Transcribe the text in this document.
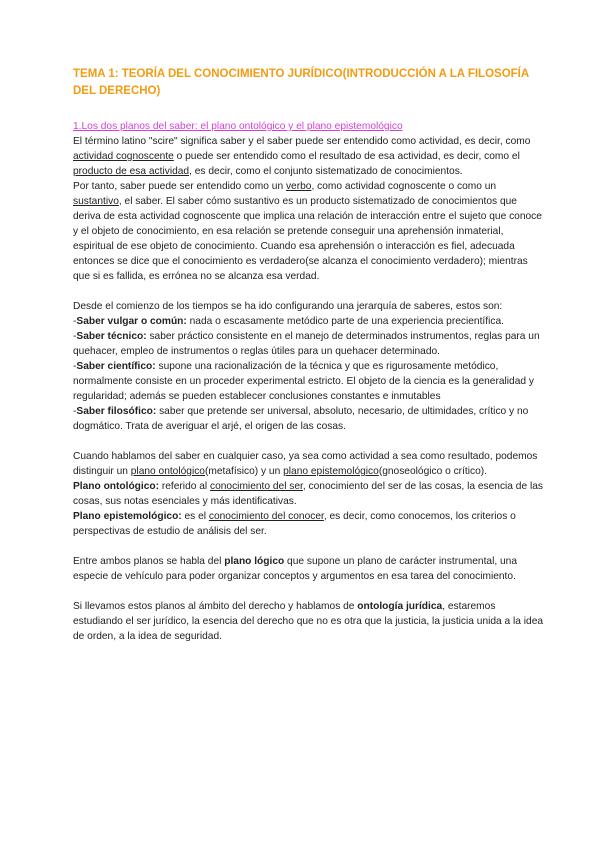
TEMA 1: TEORÍA DEL CONOCIMIENTO JURÍDICO(INTRODUCCIÓN A LA FILOSOFÍA DEL DERECHO)
1.Los dos planos del saber: el plano ontológico y el plano epistemológico

El término latino "scire" significa saber y el saber puede ser entendido como actividad, es decir, como actividad cognoscente o puede ser entendido como el resultado de esa actividad, es decir, como el producto de esa actividad, es decir, como el conjunto sistematizado de conocimientos.

Por tanto, saber puede ser entendido como un verbo, como actividad cognoscente o como un sustantivo, el saber. El saber cómo sustantivo es un producto sistematizado de conocimientos que deriva de esta actividad cognoscente que implica una relación de interacción entre el sujeto que conoce y el objeto de conocimiento, en esa relación se pretende conseguir una aprehensión inmaterial, espiritual de ese objeto de conocimiento. Cuando esa aprehensión o interacción es fiel, adecuada entonces se dice que el conocimiento es verdadero(se alcanza el conocimiento verdadero); mientras que si es fallida, es errónea no se alcanza esa verdad.

Desde el comienzo de los tiempos se ha ido configurando una jerarquía de saberes, estos son:

-Saber vulgar o común: nada o escasamente metódico parte de una experiencia precientífica.

-Saber técnico: saber práctico consistente en el manejo de determinados instrumentos, reglas para un quehacer, empleo de instrumentos o reglas útiles para un quehacer determinado.

-Saber científico: supone una racionalización de la técnica y que es rigurosamente metódico, normalmente consiste en un proceder experimental estricto. El objeto de la ciencia es la generalidad y regularidad; además se pueden establecer conclusiones constantes e inmutables

-Saber filosófico: saber que pretende ser universal, absoluto, necesario, de ultimidades, crítico y no dogmático. Trata de averiguar el arjé, el origen de las cosas.

Cuando hablamos del saber en cualquier caso, ya sea como actividad a sea como resultado, podemos distinguir un plano ontológico(metafísico) y un plano epistemológico(gnoseológico o crítico).

Plano ontológico: referido al conocimiento del ser, conocimiento del ser de las cosas, la esencia de las cosas, sus notas esenciales y más identificativas.

Plano epistemológico: es el conocimiento del conocer, es decir, como conocemos, los criterios o perspectivas de estudio de análisis del ser.

Entre ambos planos se habla del plano lógico que supone un plano de carácter instrumental, una especie de vehículo para poder organizar conceptos y argumentos en esa tarea del conocimiento.

Si llevamos estos planos al ámbito del derecho y hablamos de ontología jurídica, estaremos estudiando el ser jurídico, la esencia del derecho que no es otra que la justicia, la justicia unida a la idea de orden, a la idea de seguridad.
